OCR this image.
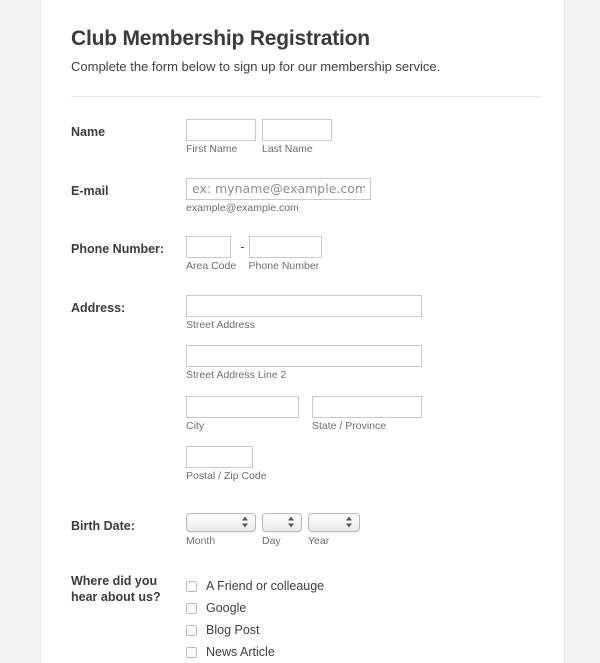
Club Membership Registration

Complete the form below to sign up for our membership service.

Name
First Name	Last Name
E-mail
ex: myname@example.com
example@example.com
Phone Number:
Area Code
-
Phone Number
Address:
Street Address
Street Address Line 2
City	State / Province
Postal / Zip Code
Birth Date:
Month	Day	Year
Where did you hear about us?
A Friend or colleauge
Google
Blog Post
News Article
